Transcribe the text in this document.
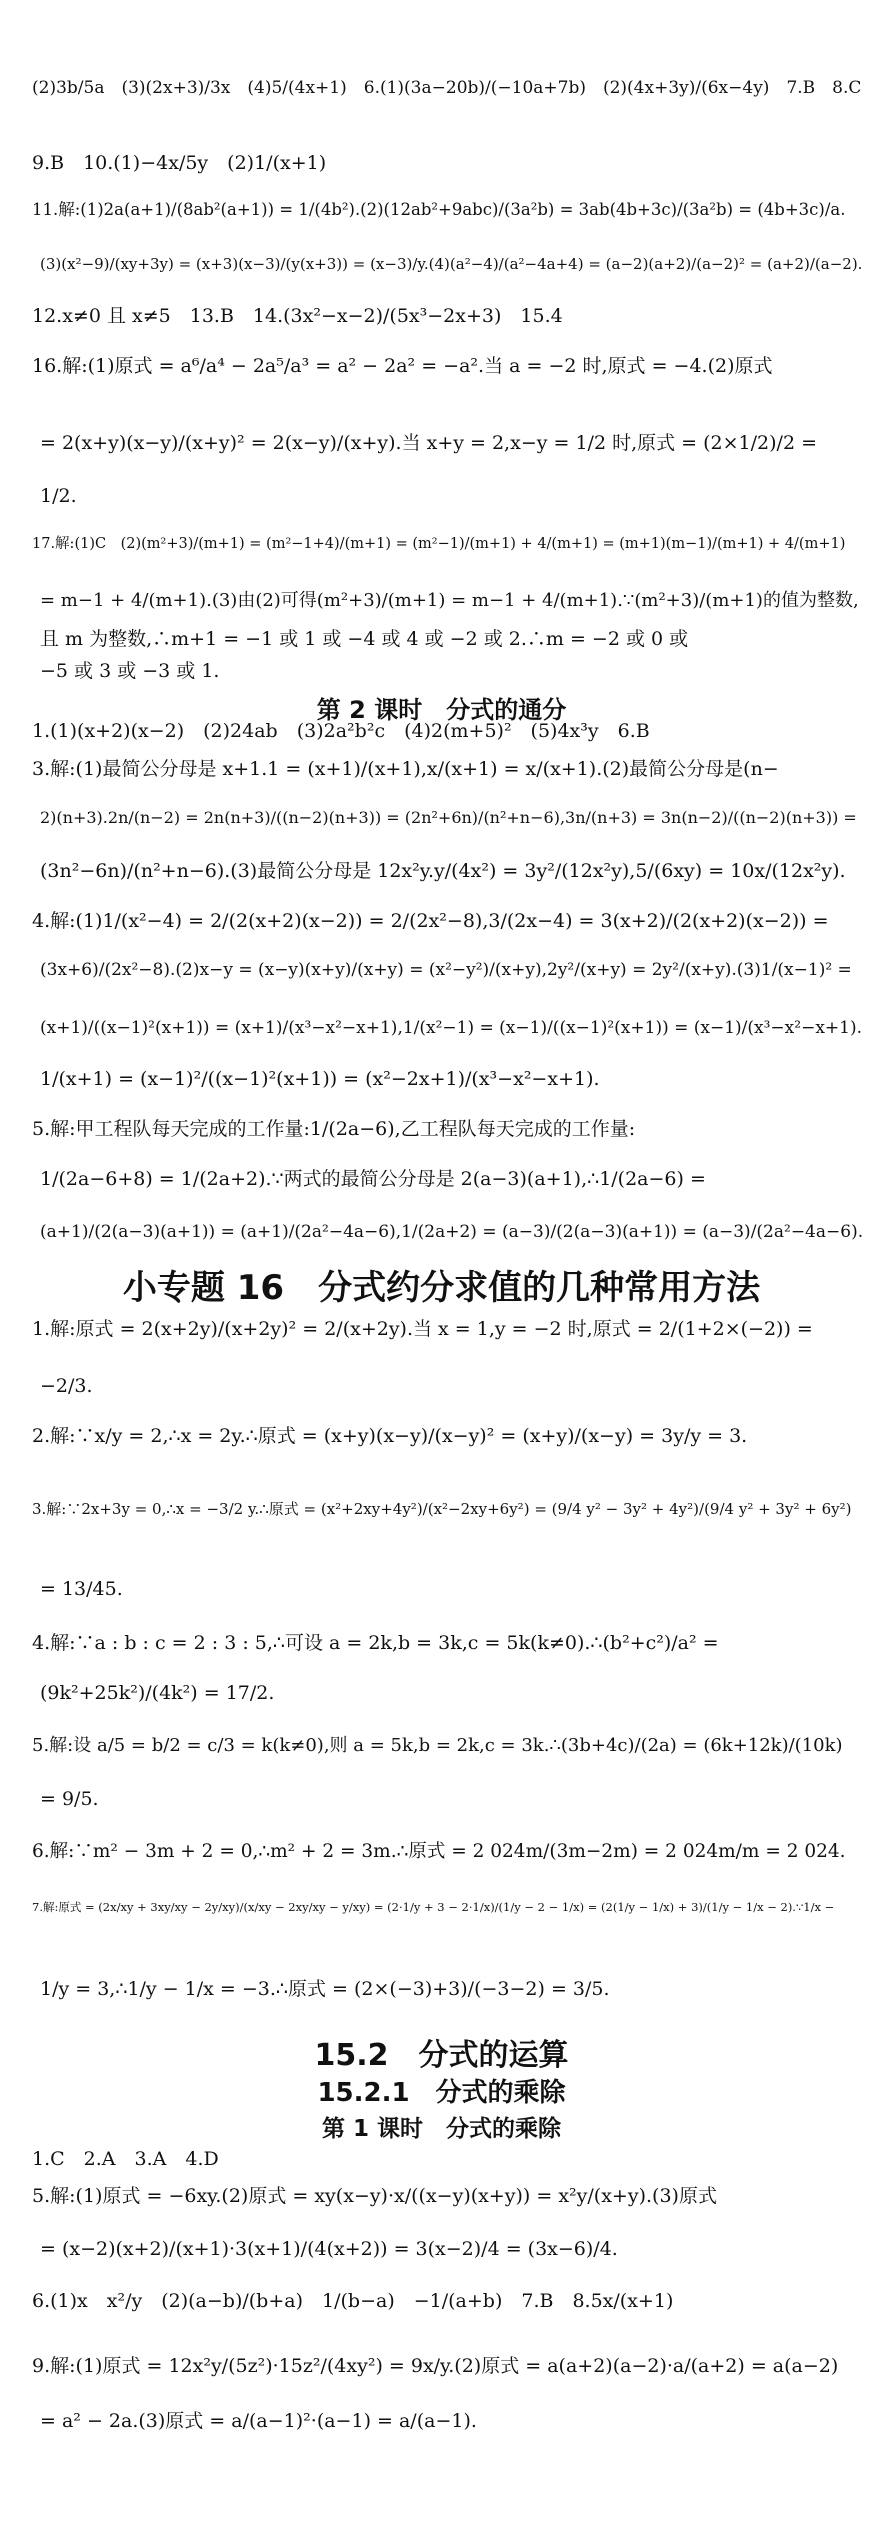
(2)3b/5a　(3)(2x+3)/3x　(4)5/(4x+1)　6.(1)(3a−20b)/(−10a+7b)　(2)(4x+3y)/(6x−4y)　7.B　8.C
9.B　10.(1)−4x/5y　(2)1/(x+1)
11.解:(1)2a(a+1)/(8ab²(a+1)) = 1/(4b²).(2)(12ab²+9abc)/(3a²b) = 3ab(4b+3c)/(3a²b) = (4b+3c)/a.
(3)(x²−9)/(xy+3y) = (x+3)(x−3)/(y(x+3)) = (x−3)/y.(4)(a²−4)/(a²−4a+4) = (a−2)(a+2)/(a−2)² = (a+2)/(a−2).
12.x≠0 且 x≠5　13.B　14.(3x²−x−2)/(5x³−2x+3)　15.4
16.解:(1)原式 = a⁶/a⁴ − 2a⁵/a³ = a² − 2a² = −a².当 a = −2 时,原式 = −4.(2)原式
= 2(x+y)(x−y)/(x+y)² = 2(x−y)/(x+y).当 x+y = 2,x−y = 1/2 时,原式 = (2×1/2)/2 =
1/2.
17.解:(1)C　(2)(m²+3)/(m+1) = (m²−1+4)/(m+1) = (m²−1)/(m+1) + 4/(m+1) = (m+1)(m−1)/(m+1) + 4/(m+1)
= m−1 + 4/(m+1).(3)由(2)可得(m²+3)/(m+1) = m−1 + 4/(m+1).∵(m²+3)/(m+1)的值为整数,
且 m 为整数,∴m+1 = −1 或 1 或 −4 或 4 或 −2 或 2.∴m = −2 或 0 或
−5 或 3 或 −3 或 1.
第 2 课时　分式的通分
1.(1)(x+2)(x−2)　(2)24ab　(3)2a²b²c　(4)2(m+5)²　(5)4x³y　6.B
3.解:(1)最简公分母是 x+1.1 = (x+1)/(x+1),x/(x+1) = x/(x+1).(2)最简公分母是(n−
2)(n+3).2n/(n−2) = 2n(n+3)/((n−2)(n+3)) = (2n²+6n)/(n²+n−6),3n/(n+3) = 3n(n−2)/((n−2)(n+3)) =
(3n²−6n)/(n²+n−6).(3)最简公分母是 12x²y.y/(4x²) = 3y²/(12x²y),5/(6xy) = 10x/(12x²y).
4.解:(1)1/(x²−4) = 2/(2(x+2)(x−2)) = 2/(2x²−8),3/(2x−4) = 3(x+2)/(2(x+2)(x−2)) =
(3x+6)/(2x²−8).(2)x−y = (x−y)(x+y)/(x+y) = (x²−y²)/(x+y),2y²/(x+y) = 2y²/(x+y).(3)1/(x−1)² =
(x+1)/((x−1)²(x+1)) = (x+1)/(x³−x²−x+1),1/(x²−1) = (x−1)/((x−1)²(x+1)) = (x−1)/(x³−x²−x+1).
1/(x+1) = (x−1)²/((x−1)²(x+1)) = (x²−2x+1)/(x³−x²−x+1).
5.解:甲工程队每天完成的工作量:1/(2a−6),乙工程队每天完成的工作量:
1/(2a−6+8) = 1/(2a+2).∵两式的最简公分母是 2(a−3)(a+1),∴1/(2a−6) =
(a+1)/(2(a−3)(a+1)) = (a+1)/(2a²−4a−6),1/(2a+2) = (a−3)/(2(a−3)(a+1)) = (a−3)/(2a²−4a−6).
小专题 16　分式约分求值的几种常用方法
1.解:原式 = 2(x+2y)/(x+2y)² = 2/(x+2y).当 x = 1,y = −2 时,原式 = 2/(1+2×(−2)) =
−2/3.
2.解:∵x/y = 2,∴x = 2y.∴原式 = (x+y)(x−y)/(x−y)² = (x+y)/(x−y) = 3y/y = 3.
3.解:∵2x+3y = 0,∴x = −3/2 y.∴原式 = (x²+2xy+4y²)/(x²−2xy+6y²) = (9/4 y² − 3y² + 4y²)/(9/4 y² + 3y² + 6y²)
= 13/45.
4.解:∵a : b : c = 2 : 3 : 5,∴可设 a = 2k,b = 3k,c = 5k(k≠0).∴(b²+c²)/a² =
(9k²+25k²)/(4k²) = 17/2.
5.解:设 a/5 = b/2 = c/3 = k(k≠0),则 a = 5k,b = 2k,c = 3k.∴(3b+4c)/(2a) = (6k+12k)/(10k)
= 9/5.
6.解:∵m² − 3m + 2 = 0,∴m² + 2 = 3m.∴原式 = 2 024m/(3m−2m) = 2 024m/m = 2 024.
7.解:原式 = (2x/xy + 3xy/xy − 2y/xy)/(x/xy − 2xy/xy − y/xy) = (2·1/y + 3 − 2·1/x)/(1/y − 2 − 1/x) = (2(1/y − 1/x) + 3)/(1/y − 1/x − 2).∵1/x −
1/y = 3,∴1/y − 1/x = −3.∴原式 = (2×(−3)+3)/(−3−2) = 3/5.
15.2　分式的运算
15.2.1　分式的乘除
第 1 课时　分式的乘除
1.C　2.A　3.A　4.D
5.解:(1)原式 = −6xy.(2)原式 = xy(x−y)·x/((x−y)(x+y)) = x²y/(x+y).(3)原式
= (x−2)(x+2)/(x+1)·3(x+1)/(4(x+2)) = 3(x−2)/4 = (3x−6)/4.
6.(1)x　x²/y　(2)(a−b)/(b+a)　1/(b−a)　−1/(a+b)　7.B　8.5x/(x+1)
9.解:(1)原式 = 12x²y/(5z²)·15z²/(4xy²) = 9x/y.(2)原式 = a(a+2)(a−2)·a/(a+2) = a(a−2)
= a² − 2a.(3)原式 = a/(a−1)²·(a−1) = a/(a−1).
